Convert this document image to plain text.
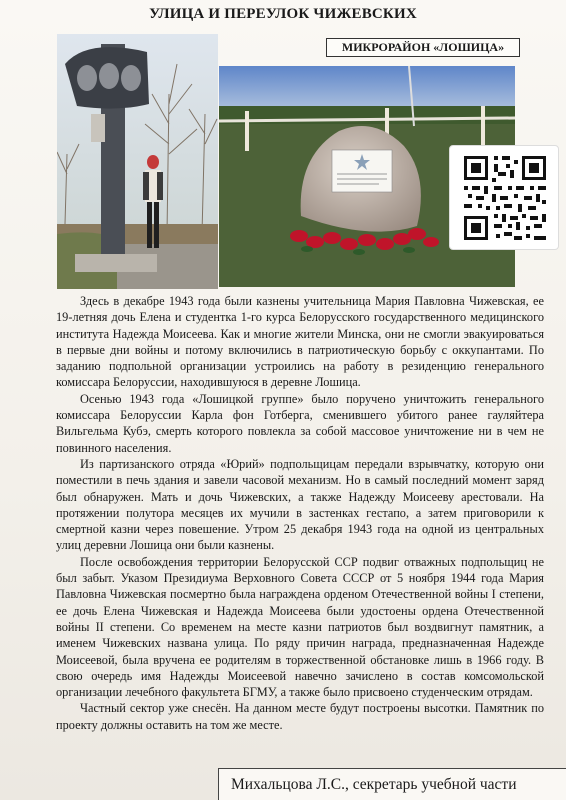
УЛИЦА И ПЕРЕУЛОК ЧИЖЕВСКИХ
МИКРОРАЙОН «ЛОШИЦА»

Здесь в декабре 1943 года были казнены учительница Мария Павловна Чижевская, ее 19-летняя дочь Елена и студентка 1-го курса Белорусского государственного медицинского института Надежда Моисеева. Как и многие жители Минска, они не смогли эвакуироваться в первые дни войны и потому включились в патриотическую борьбу с оккупантами. По заданию подпольной организации устроились на работу в резиденцию генерального комиссара Белоруссии, находившуюся в деревне Лошица.

Осенью 1943 года «Лошицкой группе» было поручено уничтожить генерального комиссара Белоруссии Карла фон Готберга, сменившего убитого ранее гауляйтера Вильгельма Кубэ, смерть которого повлекла за собой массовое уничтожение ни в чем не повинного населения.

Из партизанского отряда «Юрий» подпольщицам передали взрывчатку, которую они поместили в печь здания и завели часовой механизм. Но в самый последний момент заряд был обнаружен. Мать и дочь Чижевских, а также Надежду Моисееву арестовали. На протяжении полутора месяцев их мучили в застенках гестапо, а затем приговорили к смертной казни через повешение. Утром 25 декабря 1943 года на одной из центральных улиц деревни Лошица они были казнены.

После освобождения территории Белорусской ССР подвиг отважных подпольщиц не был забыт. Указом Президиума Верховного Совета СССР от 5 ноября 1944 года Мария Павловна Чижевская посмертно была награждена орденом Отечественной войны I степени, ее дочь Елена Чижевская и Надежда Моисеева были удостоены ордена Отечественной войны II степени. Со временем на месте казни патриотов был воздвигнут памятник, а именем Чижевских названа улица. По ряду причин награда, предназначенная Надежде Моисеевой, была вручена ее родителям в торжественной обстановке лишь в 1966 году. В свою очередь имя Надежды Моисеевой навечно зачислено в состав комсомольской организации лечебного факультета БГМУ, а также было присвоено студенческим отрядам.

Частный сектор уже снесён. На данном месте будут построены высотки. Памятник по проекту должны оставить на том же месте.

Михальцова Л.С., секретарь учебной части
